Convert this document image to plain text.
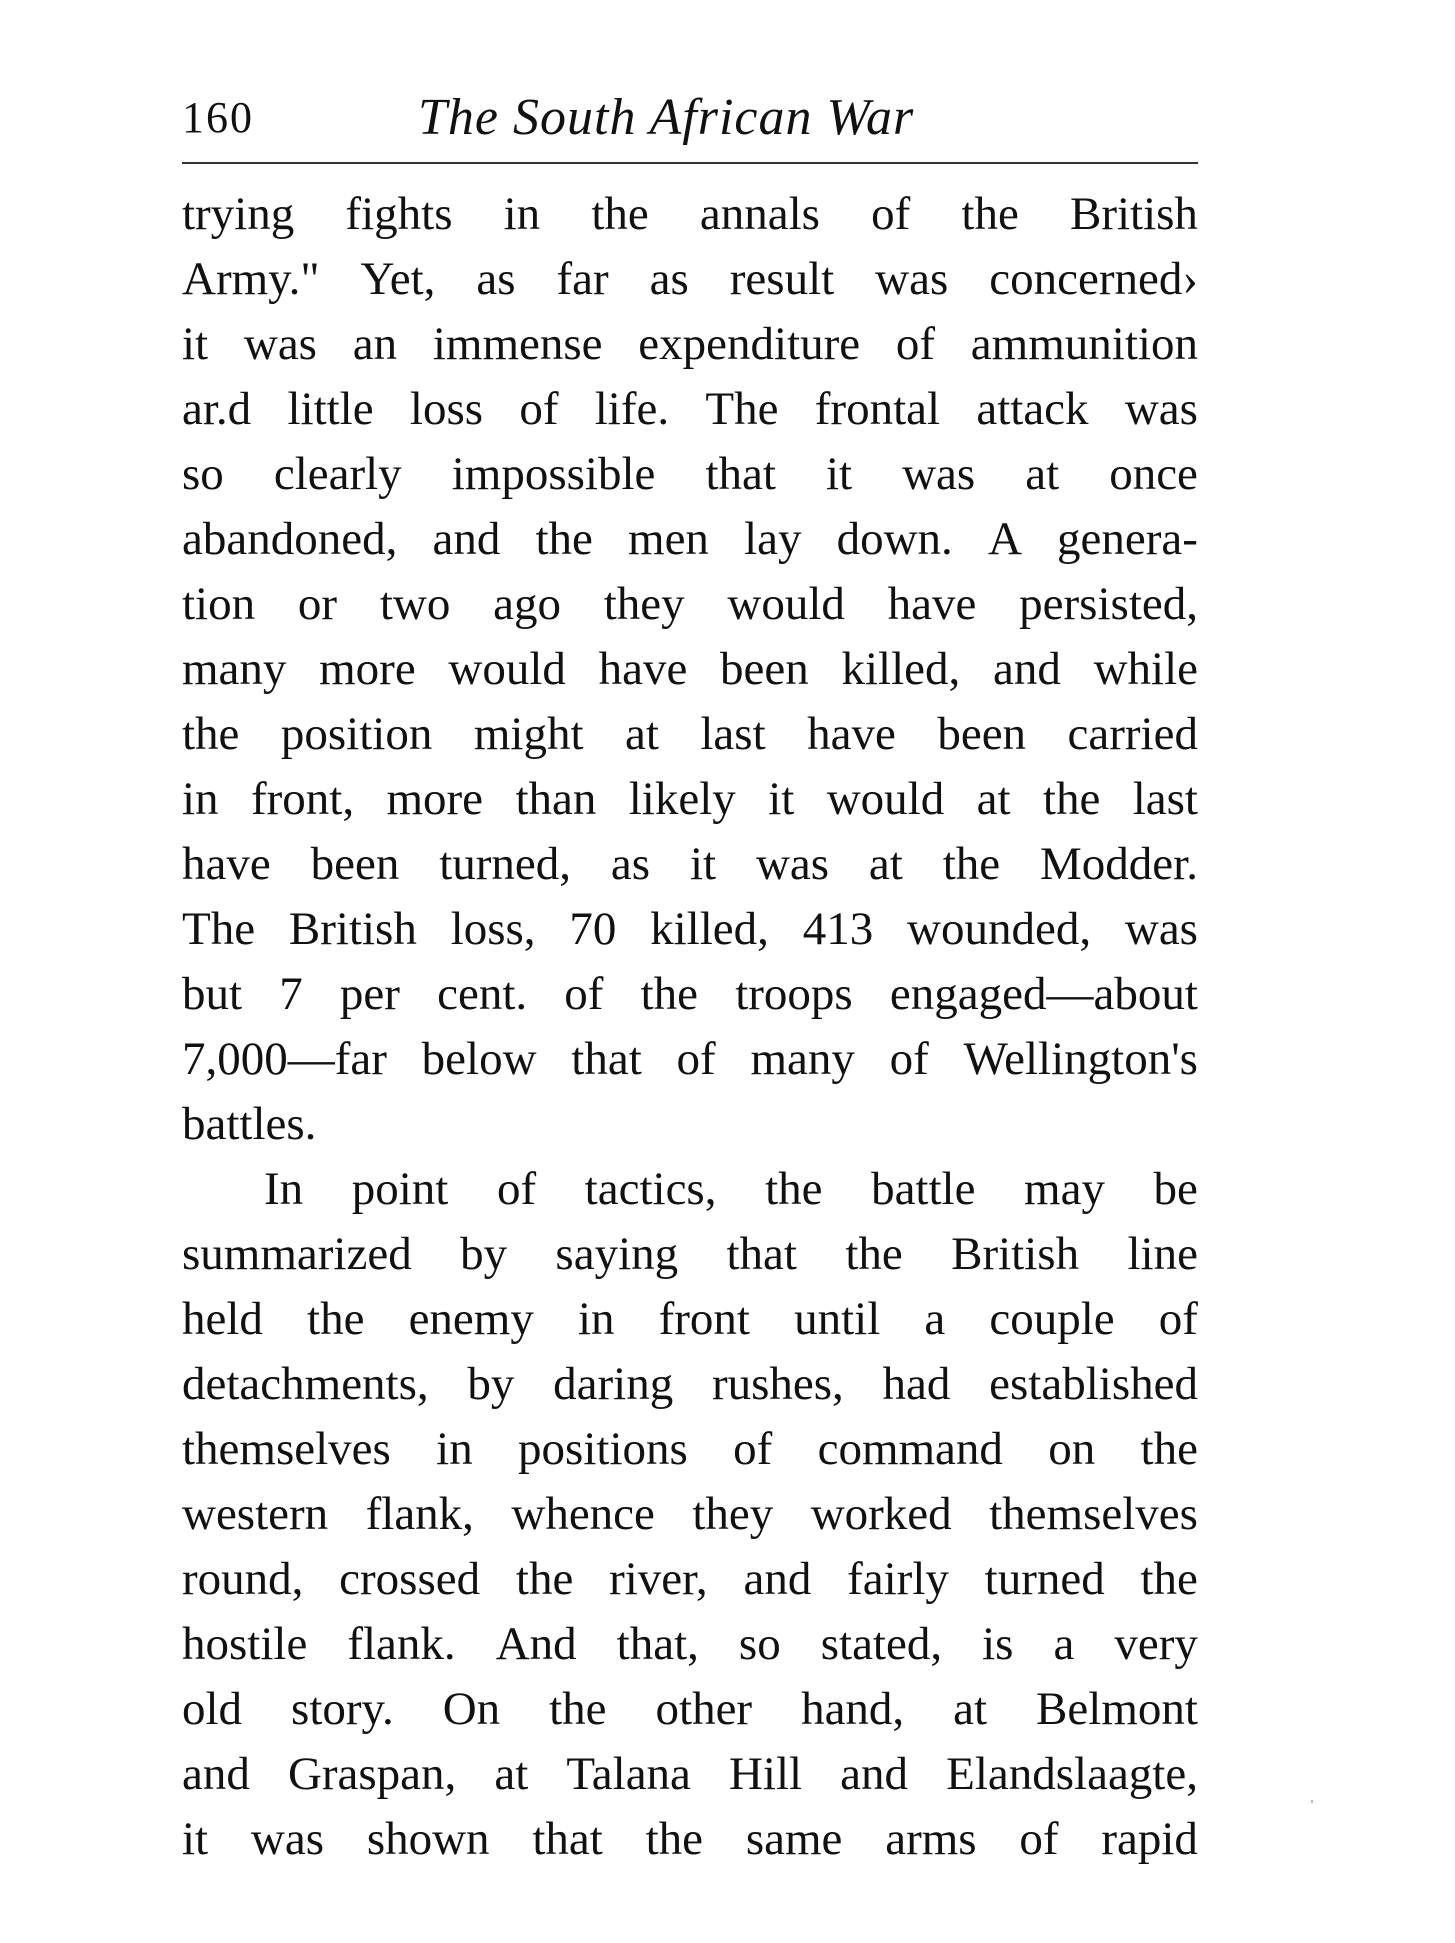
160	The South African War
trying fights in the annals of the British
Army." Yet, as far as result was concerned›
it was an immense expenditure of ammunition
ar.d little loss of life. The frontal attack was
so clearly impossible that it was at once
abandoned, and the men lay down. A genera-
tion or two ago they would have persisted,
many more would have been killed, and while
the position might at last have been carried
in front, more than likely it would at the last
have been turned, as it was at the Modder.
The British loss, 70 killed, 413 wounded, was
but 7 per cent. of the troops engaged—about
7,000—far below that of many of Wellington's
battles.
In point of tactics, the battle may be
summarized by saying that the British line
held the enemy in front until a couple of
detachments, by daring rushes, had established
themselves in positions of command on the
western flank, whence they worked themselves
round, crossed the river, and fairly turned the
hostile flank. And that, so stated, is a very
old story. On the other hand, at Belmont
and Graspan, at Talana Hill and Elandslaagte,
it was shown that the same arms of rapid
